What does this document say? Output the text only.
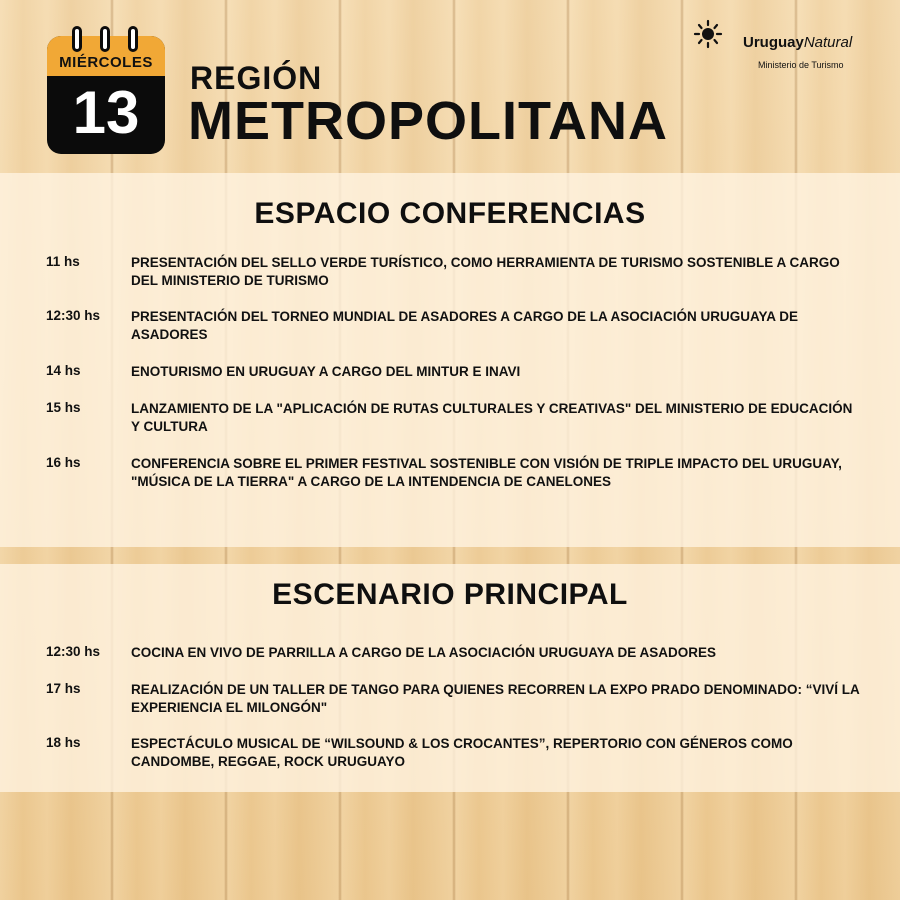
MIÉRCOLES
13
REGIÓN
METROPOLITANA
UruguayNatural
Ministerio de Turismo
ESPACIO CONFERENCIAS
11 hs	PRESENTACIÓN DEL SELLO VERDE TURÍSTICO, COMO HERRAMIENTA DE TURISMO SOSTENIBLE A CARGO DEL MINISTERIO DE TURISMO
12:30 hs PRESENTACIÓN DEL TORNEO MUNDIAL DE ASADORES A CARGO DE LA ASOCIACIÓN URUGUAYA DE ASADORES
14 hs	ENOTURISMO EN URUGUAY A CARGO DEL MINTUR E INAVI
15 hs	LANZAMIENTO DE LA "APLICACIÓN DE RUTAS CULTURALES Y CREATIVAS" DEL MINISTERIO DE EDUCACIÓN Y CULTURA
16 hs	CONFERENCIA SOBRE EL PRIMER FESTIVAL SOSTENIBLE CON VISIÓN DE TRIPLE IMPACTO DEL URUGUAY, "MÚSICA DE LA TIERRA" A CARGO DE LA INTENDENCIA DE CANELONES
ESCENARIO PRINCIPAL
12:30 hs COCINA EN VIVO DE PARRILLA A CARGO DE LA ASOCIACIÓN URUGUAYA DE ASADORES
17 hs	REALIZACIÓN DE UN TALLER DE TANGO PARA QUIENES RECORREN LA EXPO PRADO DENOMINADO: “VIVÍ LA EXPERIENCIA EL MILONGÓN"
18 hs	ESPECTÁCULO MUSICAL DE “WILSOUND & LOS CROCANTES”, REPERTORIO CON GÉNEROS COMO CANDOMBE, REGGAE, ROCK URUGUAYO
